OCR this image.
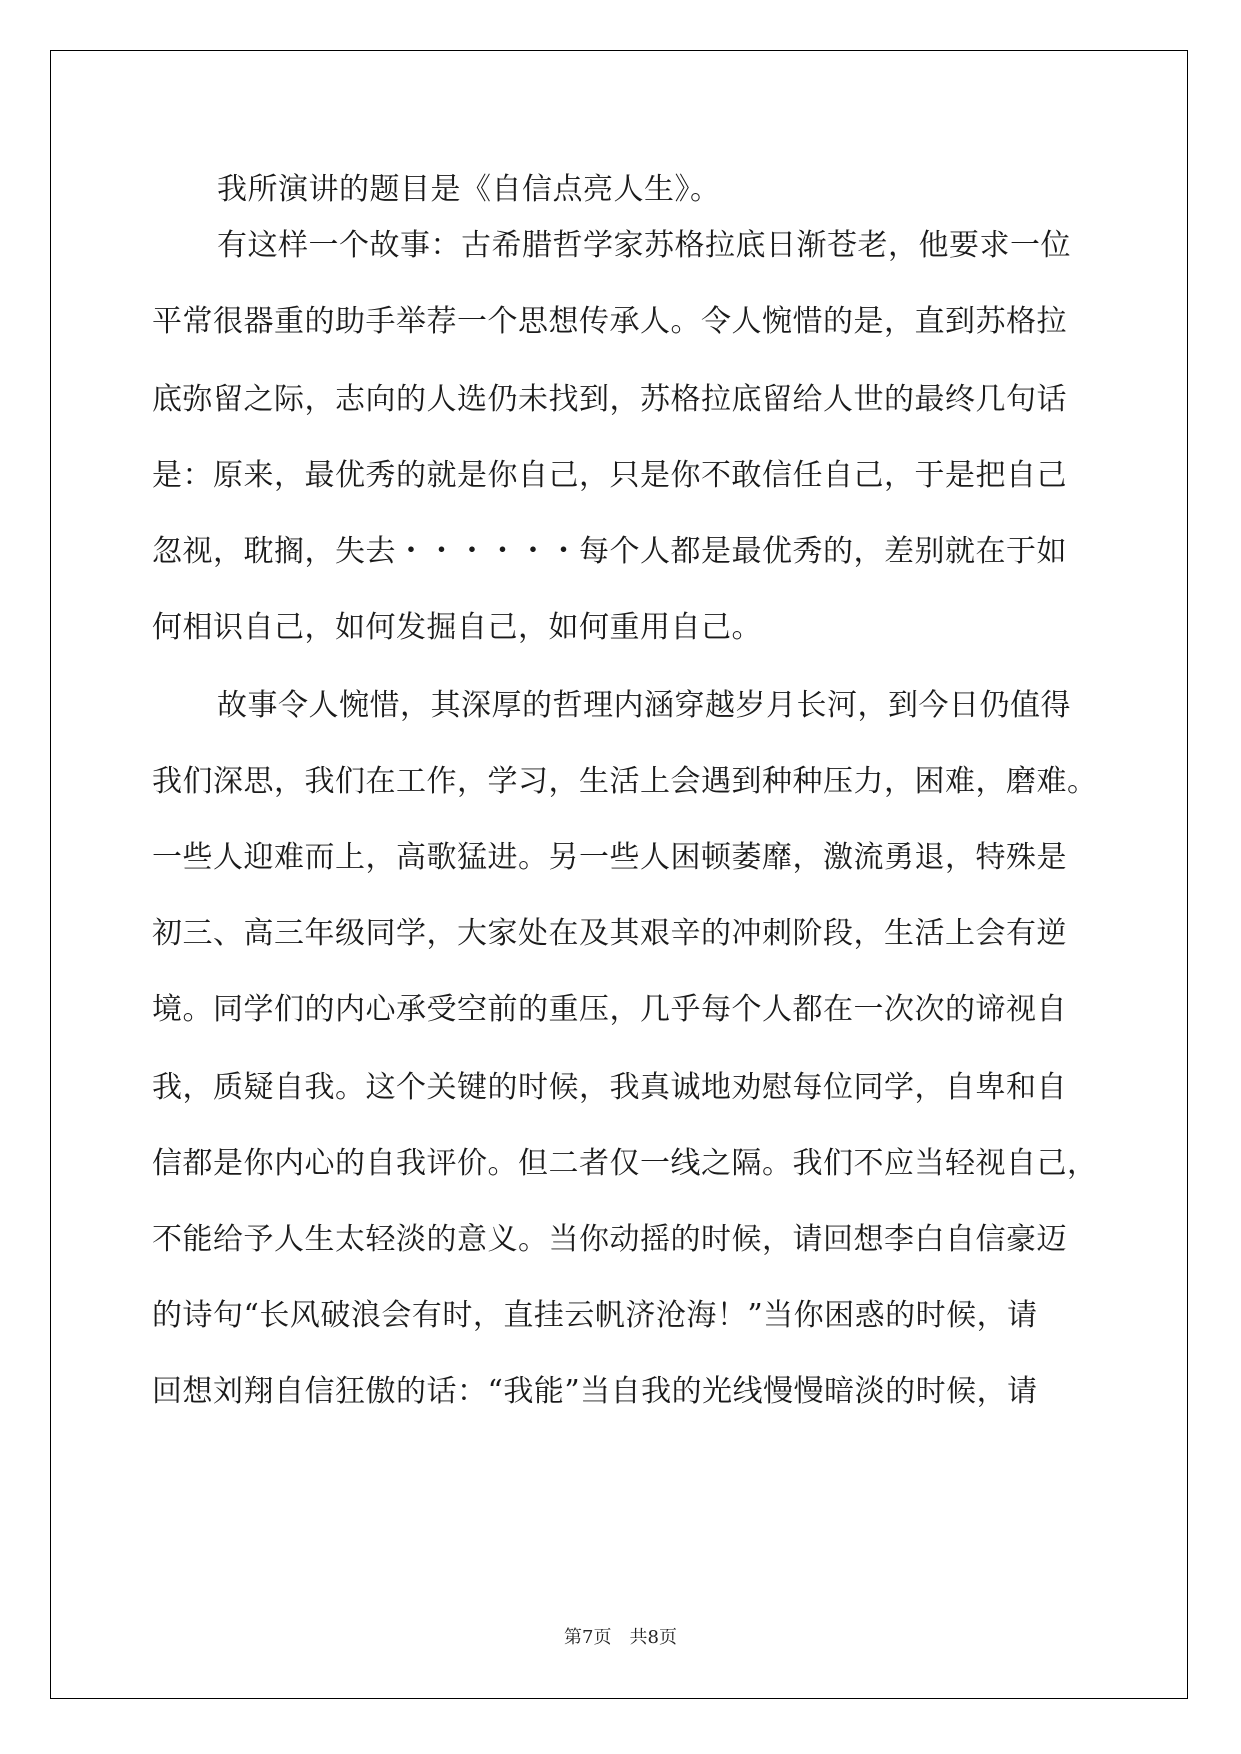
我所演讲的题目是《自信点亮人生》。
有这样一个故事：古希腊哲学家苏格拉底日渐苍老，他要求一位
平常很器重的助手举荐一个思想传承人。令人惋惜的是，直到苏格拉
底弥留之际，志向的人选仍未找到，苏格拉底留给人世的最终几句话
是：原来，最优秀的就是你自己，只是你不敢信任自己，于是把自己
忽视，耽搁，失去・・・・・・每个人都是最优秀的，差别就在于如
何相识自己，如何发掘自己，如何重用自己。
故事令人惋惜，其深厚的哲理内涵穿越岁月长河，到今日仍值得
我们深思，我们在工作，学习，生活上会遇到种种压力，困难，磨难。
一些人迎难而上，高歌猛进。另一些人困顿萎靡，激流勇退，特殊是
初三、高三年级同学，大家处在及其艰辛的冲刺阶段，生活上会有逆
境。同学们的内心承受空前的重压，几乎每个人都在一次次的谛视自
我，质疑自我。这个关键的时候，我真诚地劝慰每位同学，自卑和自
信都是你内心的自我评价。但二者仅一线之隔。我们不应当轻视自己，
不能给予人生太轻淡的意义。当你动摇的时候，请回想李白自信豪迈
的诗句“长风破浪会有时，直挂云帆济沧海！”当你困惑的时候，请
回想刘翔自信狂傲的话：“我能”当自我的光线慢慢暗淡的时候，请
第7页　共8页
